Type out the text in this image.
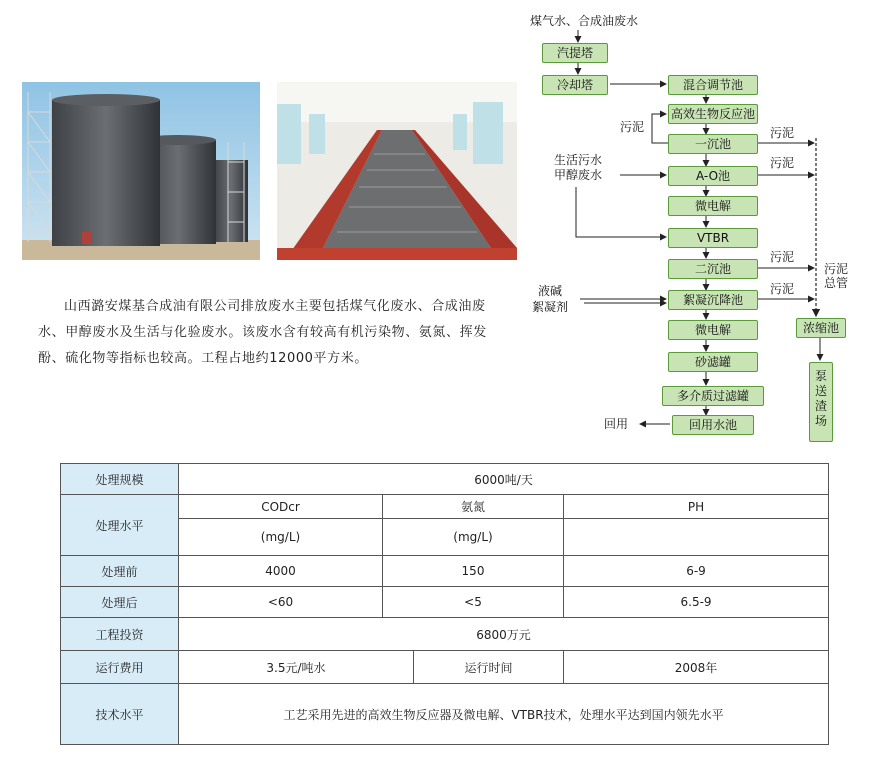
山西潞安煤基合成油有限公司排放废水主要包括煤气化废水、合成油废水、甲醇废水及生活与化验废水。该废水含有较高有机污染物、氨氮、挥发酚、硫化物等指标也较高。工程占地约12000平方米。

煤气水、合成油废水
汽提塔
冷却塔	混合调节池
高效生物反应池
一沉池
A-O池
微电解
VTBR
二沉池
絮凝沉降池
微电解
砂滤罐
多介质过滤罐
回用水池
污泥
生活污水
甲醇废水
液碱
絮凝剂
污泥
污泥
污泥
污泥
污泥
总管
浓缩池
泵
送
渣
场
回用
处理规模	6000吨/天			
处理水平	CODcr	氨氮		PH
	(mg/L)	(mg/L)		
处理前	4000	150		6-9
处理后	<60	<5		6.5-9
工程投资	6800万元			
运行费用	3.5元/吨水		运行时间	2008年
技术水平	工艺采用先进的高效生物反应器及微电解、VTBR技术，处理水平达到国内领先水平			
